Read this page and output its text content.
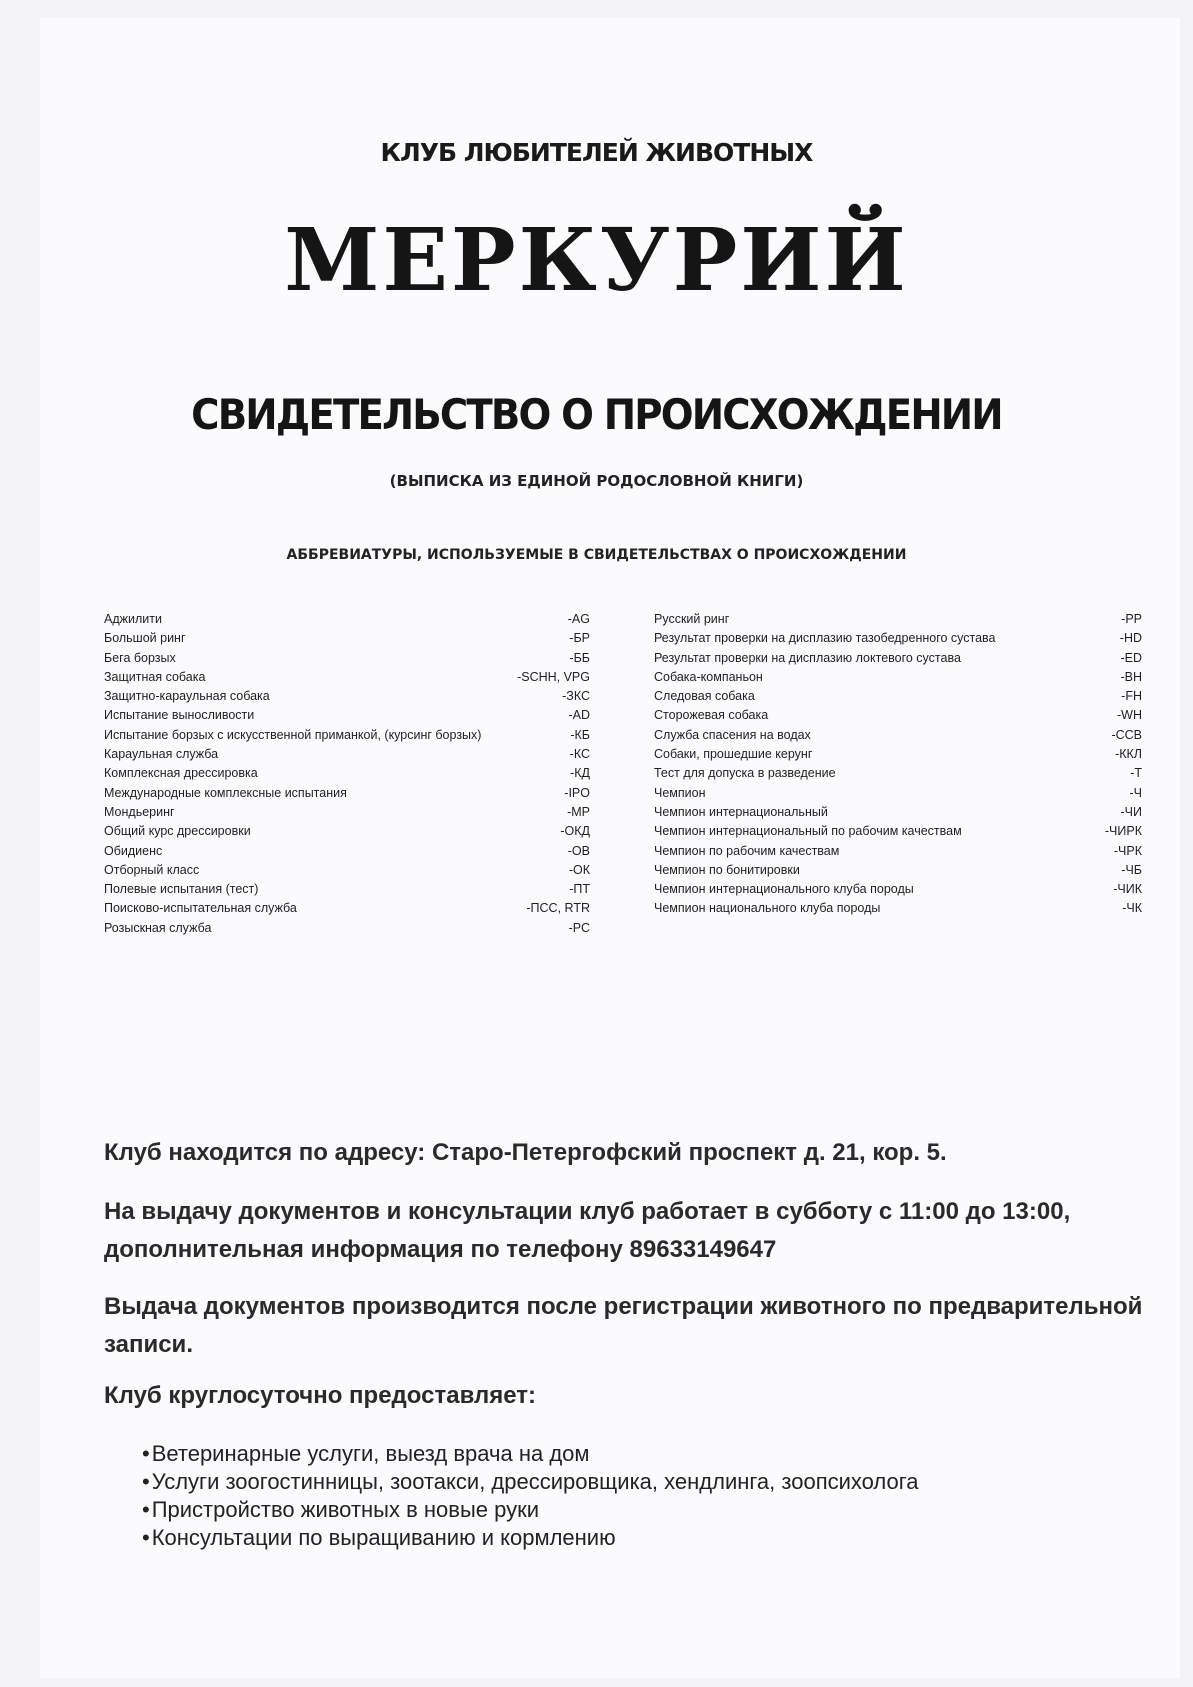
КЛУБ ЛЮБИТЕЛЕЙ ЖИВОТНЫХ
МЕРКУРИЙ
СВИДЕТЕЛЬСТВО О ПРОИСХОЖДЕНИИ
(ВЫПИСКА ИЗ ЕДИНОЙ РОДОСЛОВНОЙ КНИГИ)
АББРЕВИАТУРЫ, ИСПОЛЬЗУЕМЫЕ В СВИДЕТЕЛЬСТВАХ О ПРОИСХОЖДЕНИИ
Аджилити	-AG
Большой ринг	-БР
Бега борзых	-ББ
Защитная собака	-SCHH, VPG
Защитно-караульная собака	-ЗКС
Испытание выносливости	-AD
Испытание борзых с искусственной приманкой, (курсинг борзых)	-КБ
Караульная служба	-КС
Комплексная дрессировка	-КД
Международные комплексные испытания	-IPO
Мондьеринг	-МР
Общий курс дрессировки	-ОКД
Обидиенс	-ОВ
Отборный класс	-ОК
Полевые испытания (тест)	-ПТ
Поисково-испытательная служба	-ПСС, RTR
Розыскная служба	-РС
Русский ринг	-РР
Результат проверки на дисплазию тазобедренного сустава	-HD
Результат проверки на дисплазию локтевого сустава	-ED
Собака-компаньон	-ВН
Следовая собака	-FH
Сторожевая собака	-WH
Служба спасения на водах	-ССВ
Собаки, прошедшие керунг	-ККЛ
Тест для допуска в разведение	-Т
Чемпион	-Ч
Чемпион интернациональный	-ЧИ
Чемпион интернациональный по рабочим качествам	-ЧИРК
Чемпион по рабочим качествам	-ЧРК
Чемпион по бонитировки	-ЧБ
Чемпион интернационального клуба породы	-ЧИК
Чемпион национального клуба породы	-ЧК
Клуб находится по адресу: Старо-Петергофский проспект д. 21, кор. 5.
На выдачу документов и консультации клуб работает в субботу с 11:00 до 13:00, дополнительная информация по телефону 89633149647
Выдача документов производится после регистрации животного по предварительной записи.
Клуб круглосуточно предоставляет:
• Ветеринарные услуги, выезд врача на дом
• Услуги зоогостинницы, зоотакси, дрессировщика, хендлинга, зоопсихолога
• Пристройство животных в новые руки
• Консультации по выращиванию и кормлению
